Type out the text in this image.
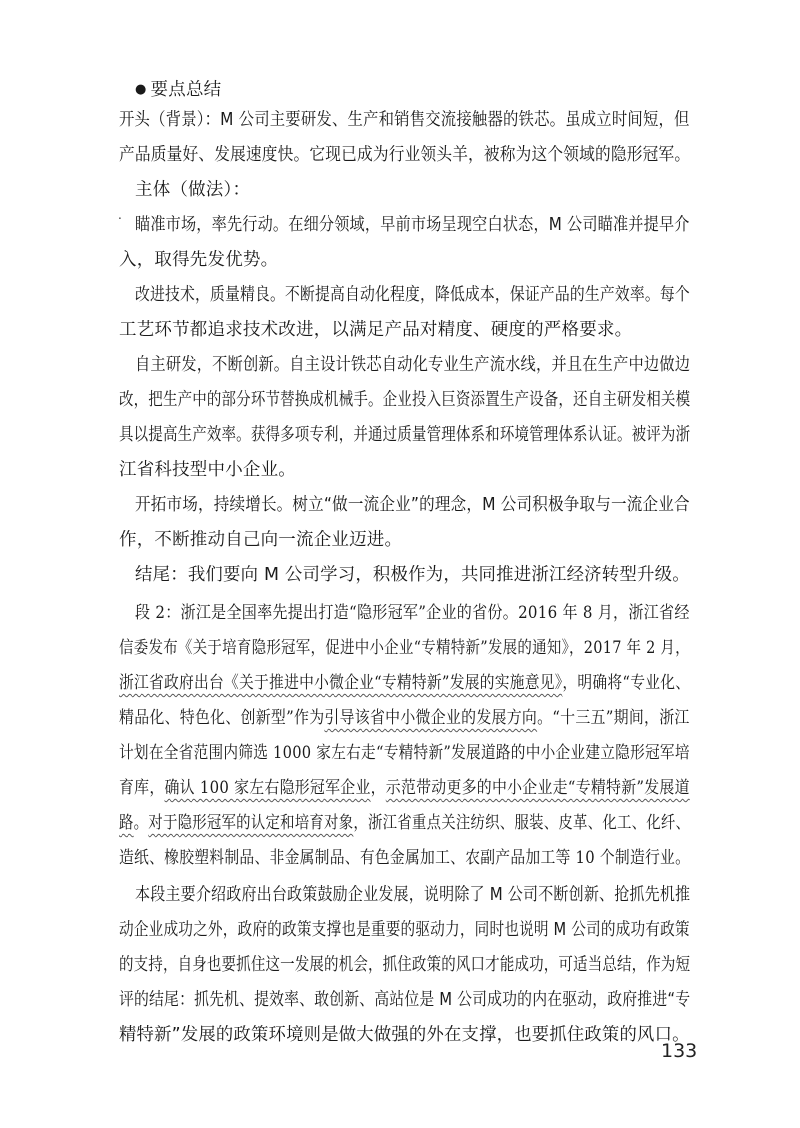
● 要点总结
开头（背景）：M 公司主要研发、生产和销售交流接触器的铁芯。虽成立时间短，但
产品质量好、发展速度快。它现已成为行业领头羊，被称为这个领域的隐形冠军。
主体（做法）：
. 瞄准市场，率先行动。在细分领域，早前市场呈现空白状态，M 公司瞄准并提早介
入，取得先发优势。
改进技术，质量精良。不断提高自动化程度，降低成本，保证产品的生产效率。每个
工艺环节都追求技术改进，以满足产品对精度、硬度的严格要求。
自主研发，不断创新。自主设计铁芯自动化专业生产流水线，并且在生产中边做边
改，把生产中的部分环节替换成机械手。企业投入巨资添置生产设备，还自主研发相关模
具以提高生产效率。获得多项专利，并通过质量管理体系和环境管理体系认证。被评为浙
江省科技型中小企业。
开拓市场，持续增长。树立“做一流企业”的理念，M 公司积极争取与一流企业合
作，不断推动自己向一流企业迈进。
结尾：我们要向 M 公司学习，积极作为，共同推进浙江经济转型升级。
段 2：浙江是全国率先提出打造“隐形冠军”企业的省份。2016 年 8 月，浙江省经
信委发布《关于培育隐形冠军，促进中小企业“专精特新”发展的通知》，2017 年 2 月，
浙江省政府出台《关于推进中小微企业“专精特新”发展的实施意见》，明确将“专业化、
精品化、特色化、创新型”作为引导该省中小微企业的发展方向。“十三五”期间，浙江
计划在全省范围内筛选 1000 家左右走“专精特新”发展道路的中小企业建立隐形冠军培
育库，确认 100 家左右隐形冠军企业，示范带动更多的中小企业走“专精特新”发展道
路。对于隐形冠军的认定和培育对象，浙江省重点关注纺织、服装、皮革、化工、化纤、
造纸、橡胶塑料制品、非金属制品、有色金属加工、农副产品加工等 10 个制造行业。
本段主要介绍政府出台政策鼓励企业发展，说明除了 M 公司不断创新、抢抓先机推
动企业成功之外，政府的政策支撑也是重要的驱动力，同时也说明 M 公司的成功有政策
的支持，自身也要抓住这一发展的机会，抓住政策的风口才能成功，可适当总结，作为短
评的结尾：抓先机、提效率、敢创新、高站位是 M 公司成功的内在驱动，政府推进“专
精特新”发展的政策环境则是做大做强的外在支撑，也要抓住政策的风口。
133
